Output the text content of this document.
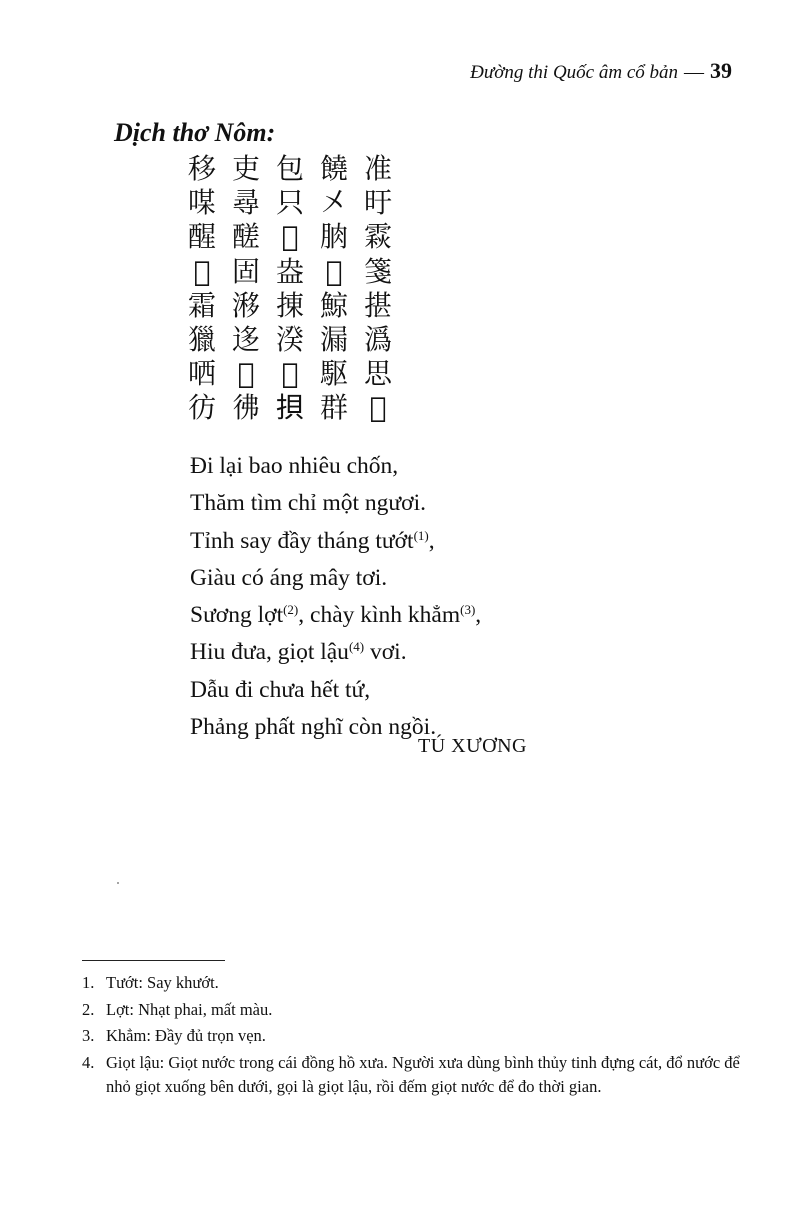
Đường thi Quốc âm cổ bản — 39
Dịch thơ Nôm:
移 吏 包 饒 准
㖼 尋 只 㐅 旴
醒 醝 𣻆 朒 𩄍
𣛠 固 盎 𩅹 箋
霜 𣻗 㨂 鯨 揕
獵 迻 湀 漏 潙
哂 𧼋 𡗶 駆 思
彷 彿 𢭲 群 𡗉
Đi lại bao nhiêu chốn,
Thăm tìm chỉ một ngươi.
Tỉnh say đầy tháng tướt$^{(1)}$,
Giàu có áng mây tơi.
Sương lợt$^{(2)}$, chày kình khẳm$^{(3)}$,
Hiu đưa, giọt lậu$^{(4)}$ vơi.
Dẫu đi chưa hết tứ,
Phảng phất nghĩ còn ngồi.
TÚ XƯƠNG
1. Tướt: Say khướt.
2. Lợt: Nhạt phai, mất màu.
3. Khẳm: Đầy đủ trọn vẹn.
4. Giọt lậu: Giọt nước trong cái đồng hồ xưa. Người xưa dùng bình thủy tinh đựng cát, đổ nước để nhỏ giọt xuống bên dưới, gọi là giọt lậu, rồi đếm giọt nước để đo thời gian.
